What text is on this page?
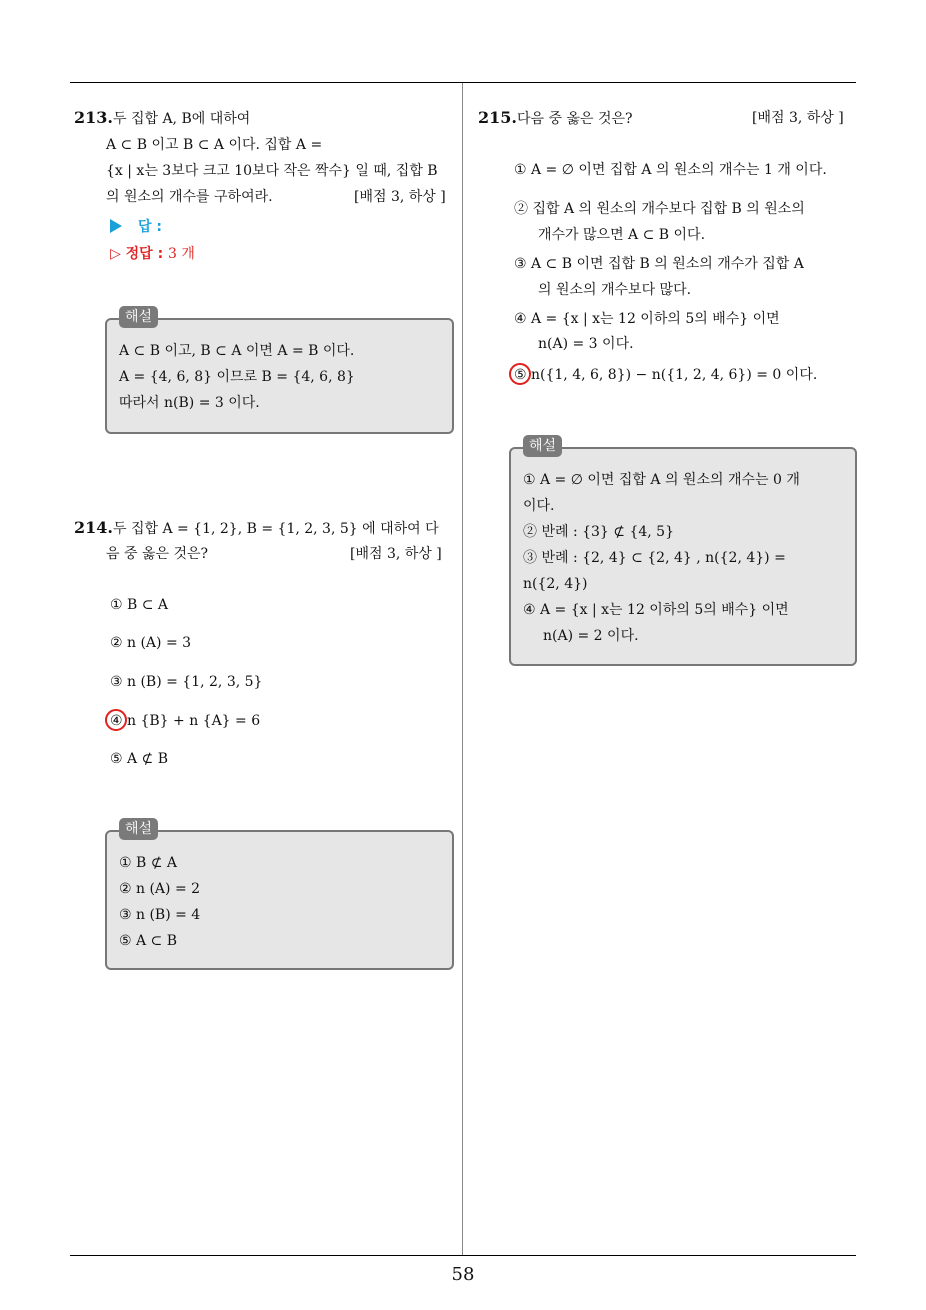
58
213.두 집합 A, B에 대하여
A ⊂ B 이고 B ⊂ A 이다. 집합 A =
{x | x는 3보다 크고 10보다 작은 짝수} 일 때, 집합 B
의 원소의 개수를 구하여라.	[배점 3, 하상 ]
답 :
▷ 정답 : 3 개
A ⊂ B 이고, B ⊂ A 이면 A = B 이다.
A = {4, 6, 8} 이므로 B = {4, 6, 8}
따라서 n(B) = 3 이다.
해설
214.두 집합 A = {1, 2}, B = {1, 2, 3, 5} 에 대하여 다
음 중 옳은 것은?	[배점 3, 하상 ]
① B ⊂ A
② n (A) = 3
③ n (B) = {1, 2, 3, 5}
④ n {B} + n {A} = 6
⑤ A ⊄ B
① B ⊄ A
② n (A) = 2
③ n (B) = 4
⑤ A ⊂ B
해설
215.다음 중 옳은 것은?	[배점 3, 하상 ]
① A = ∅ 이면 집합 A 의 원소의 개수는 1 개 이다.
② 집합 A 의 원소의 개수보다 집합 B 의 원소의
개수가 많으면 A ⊂ B 이다.
③ A ⊂ B 이면 집합 B 의 원소의 개수가 집합 A
의 원소의 개수보다 많다.
④ A = {x | x는 12 이하의 5의 배수} 이면
n(A) = 3 이다.
⑤ n({1, 4, 6, 8}) − n({1, 2, 4, 6}) = 0 이다.
① A = ∅ 이면 집합 A 의 원소의 개수는 0 개
이다.
② 반례 : {3} ⊄ {4, 5}
③ 반례 : {2, 4} ⊂ {2, 4} , n({2, 4}) =
n({2, 4})
④ A = {x | x는 12 이하의 5의 배수} 이면
n(A) = 2 이다.
해설
